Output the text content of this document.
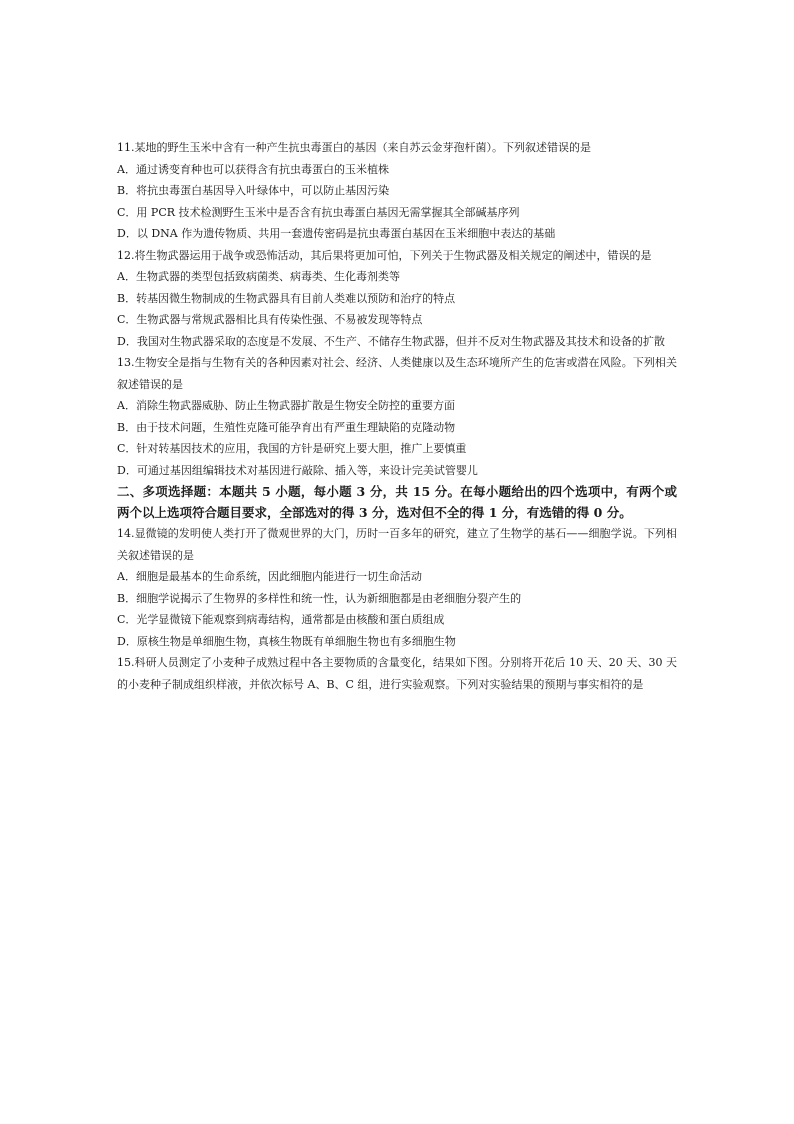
11.某地的野生玉米中含有一种产生抗虫毒蛋白的基因（来自苏云金芽孢杆菌）。下列叙述错误的是

A．通过诱变育种也可以获得含有抗虫毒蛋白的玉米植株

B．将抗虫毒蛋白基因导入叶绿体中，可以防止基因污染

C．用 PCR 技术检测野生玉米中是否含有抗虫毒蛋白基因无需掌握其全部碱基序列

D．以 DNA 作为遗传物质、共用一套遗传密码是抗虫毒蛋白基因在玉米细胞中表达的基础

12.将生物武器运用于战争或恐怖活动，其后果将更加可怕，下列关于生物武器及相关规定的阐述中，错误的是

A．生物武器的类型包括致病菌类、病毒类、生化毒剂类等

B．转基因微生物制成的生物武器具有目前人类难以预防和治疗的特点

C．生物武器与常规武器相比具有传染性强、不易被发现等特点

D．我国对生物武器采取的态度是不发展、不生产、不储存生物武器，但并不反对生物武器及其技术和设备的扩散

13.生物安全是指与生物有关的各种因素对社会、经济、人类健康以及生态环境所产生的危害或潜在风险。下列相关叙述错误的是

A．消除生物武器威胁、防止生物武器扩散是生物安全防控的重要方面

B．由于技术问题，生殖性克隆可能孕育出有严重生理缺陷的克隆动物

C．针对转基因技术的应用，我国的方针是研究上要大胆，推广上要慎重

D．可通过基因组编辑技术对基因进行敲除、插入等，来设计完美试管婴儿

二、多项选择题：本题共 5 小题，每小题 3 分，共 15 分。在每小题给出的四个选项中，有两个或两个以上选项符合题目要求，全部选对的得 3 分，选对但不全的得 1 分，有选错的得 0 分。

14.显微镜的发明使人类打开了微观世界的大门，历时一百多年的研究，建立了生物学的基石——细胞学说。下列相关叙述错误的是

A．细胞是最基本的生命系统，因此细胞内能进行一切生命活动

B．细胞学说揭示了生物界的多样性和统一性，认为新细胞都是由老细胞分裂产生的

C．光学显微镜下能观察到病毒结构，通常都是由核酸和蛋白质组成

D．原核生物是单细胞生物，真核生物既有单细胞生物也有多细胞生物

15.科研人员测定了小麦种子成熟过程中各主要物质的含量变化，结果如下图。分别将开花后 10 天、20 天、30 天的小麦种子制成组织样液，并依次标号 A、B、C 组，进行实验观察。下列对实验结果的预期与事实相符的是
